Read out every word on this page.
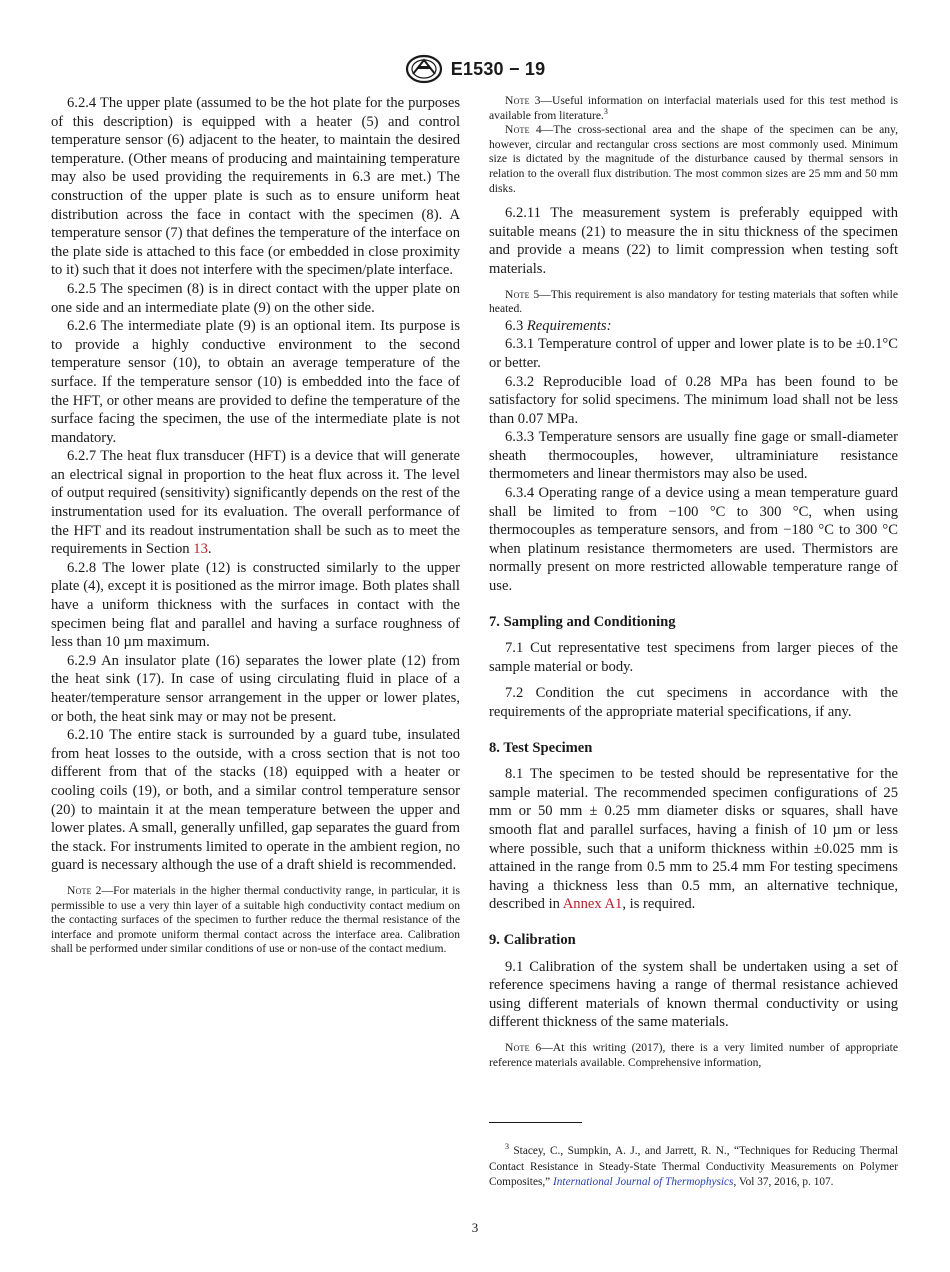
E1530 − 19

6.2.4 The upper plate (assumed to be the hot plate for the purposes of this description) is equipped with a heater (5) and control temperature sensor (6) adjacent to the heater, to maintain the desired temperature. (Other means of producing and maintaining temperature may also be used providing the requirements in 6.3 are met.) The construction of the upper plate is such as to ensure uniform heat distribution across the face in contact with the specimen (8). A temperature sensor (7) that defines the temperature of the interface on the plate side is attached to this face (or embedded in close proximity to it) such that it does not interfere with the specimen/plate interface.

6.2.5 The specimen (8) is in direct contact with the upper plate on one side and an intermediate plate (9) on the other side.

6.2.6 The intermediate plate (9) is an optional item. Its purpose is to provide a highly conductive environment to the second temperature sensor (10), to obtain an average temperature of the surface. If the temperature sensor (10) is embedded into the face of the HFT, or other means are provided to define the temperature of the surface facing the specimen, the use of the intermediate plate is not mandatory.

6.2.7 The heat flux transducer (HFT) is a device that will generate an electrical signal in proportion to the heat flux across it. The level of output required (sensitivity) significantly depends on the rest of the instrumentation used for its evaluation. The overall performance of the HFT and its readout instrumentation shall be such as to meet the requirements in Section 13.

6.2.8 The lower plate (12) is constructed similarly to the upper plate (4), except it is positioned as the mirror image. Both plates shall have a uniform thickness with the surfaces in contact with the specimen being flat and parallel and having a surface roughness of less than 10 µm maximum.

6.2.9 An insulator plate (16) separates the lower plate (12) from the heat sink (17). In case of using circulating fluid in place of a heater/temperature sensor arrangement in the upper or lower plates, or both, the heat sink may or may not be present.

6.2.10 The entire stack is surrounded by a guard tube, insulated from heat losses to the outside, with a cross section that is not too different from that of the stacks (18) equipped with a heater or cooling coils (19), or both, and a similar control temperature sensor (20) to maintain it at the mean temperature between the upper and lower plates. A small, generally unfilled, gap separates the guard from the stack. For instruments limited to operate in the ambient region, no guard is necessary although the use of a draft shield is recommended.

Note 2—For materials in the higher thermal conductivity range, in particular, it is permissible to use a very thin layer of a suitable high conductivity contact medium on the contacting surfaces of the specimen to further reduce the thermal resistance of the interface and promote uniform thermal contact across the interface area. Calibration shall be performed under similar conditions of use or non-use of the contact medium.

Note 3—Useful information on interfacial materials used for this test method is available from literature.$^3$

Note 4—The cross-sectional area and the shape of the specimen can be any, however, circular and rectangular cross sections are most commonly used. Minimum size is dictated by the magnitude of the disturbance caused by thermal sensors in relation to the overall flux distribution. The most common sizes are 25 mm and 50 mm disks.

6.2.11 The measurement system is preferably equipped with suitable means (21) to measure the in situ thickness of the specimen and provide a means (22) to limit compression when testing soft materials.

Note 5—This requirement is also mandatory for testing materials that soften while heated.

6.3 Requirements:

6.3.1 Temperature control of upper and lower plate is to be ±0.1°C or better.

6.3.2 Reproducible load of 0.28 MPa has been found to be satisfactory for solid specimens. The minimum load shall not be less than 0.07 MPa.

6.3.3 Temperature sensors are usually fine gage or small-diameter sheath thermocouples, however, ultraminiature resistance thermometers and linear thermistors may also be used.

6.3.4 Operating range of a device using a mean temperature guard shall be limited to from −100 °C to 300 °C, when using thermocouples as temperature sensors, and from −180 °C to 300 °C when platinum resistance thermometers are used. Thermistors are normally present on more restricted allowable temperature range of use.

7. Sampling and Conditioning

7.1 Cut representative test specimens from larger pieces of the sample material or body.

7.2 Condition the cut specimens in accordance with the requirements of the appropriate material specifications, if any.

8. Test Specimen

8.1 The specimen to be tested should be representative for the sample material. The recommended specimen configurations of 25 mm or 50 mm ± 0.25 mm diameter disks or squares, shall have smooth flat and parallel surfaces, having a finish of 10 µm or less where possible, such that a uniform thickness within ±0.025 mm is attained in the range from 0.5 mm to 25.4 mm For testing specimens having a thickness less than 0.5 mm, an alternative technique, described in Annex A1, is required.

9. Calibration

9.1 Calibration of the system shall be undertaken using a set of reference specimens having a range of thermal resistance achieved using different materials of known thermal conductivity or using different thickness of the same materials.

Note 6—At this writing (2017), there is a very limited number of appropriate reference materials available. Comprehensive information,

$^3$ Stacey, C., Sumpkin, A. J., and Jarrett, R. N., “Techniques for Reducing Thermal Contact Resistance in Steady-State Thermal Conductivity Measurements on Polymer Composites,” International Journal of Thermophysics, Vol 37, 2016, p. 107.

3
